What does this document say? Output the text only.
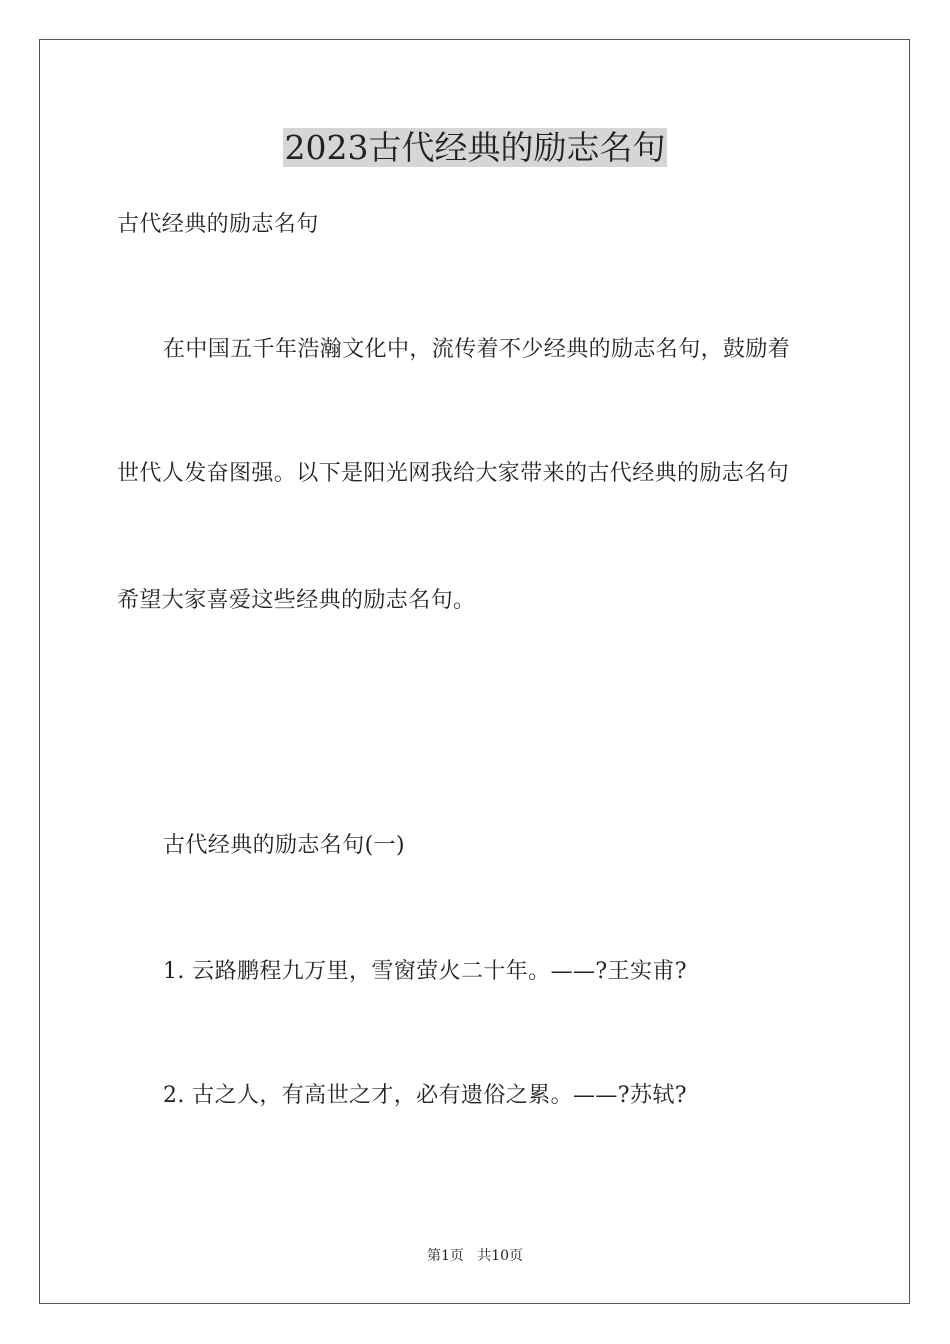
2023古代经典的励志名句
古代经典的励志名句
在中国五千年浩瀚文化中，流传着不少经典的励志名句，鼓励着
世代人发奋图强。以下是阳光网我给大家带来的古代经典的励志名句
希望大家喜爱这些经典的励志名句。
古代经典的励志名句(一)
1. 云路鹏程九万里，雪窗萤火二十年。——?王实甫?
2. 古之人，有高世之才，必有遗俗之累。——?苏轼?
第1页   共10页
